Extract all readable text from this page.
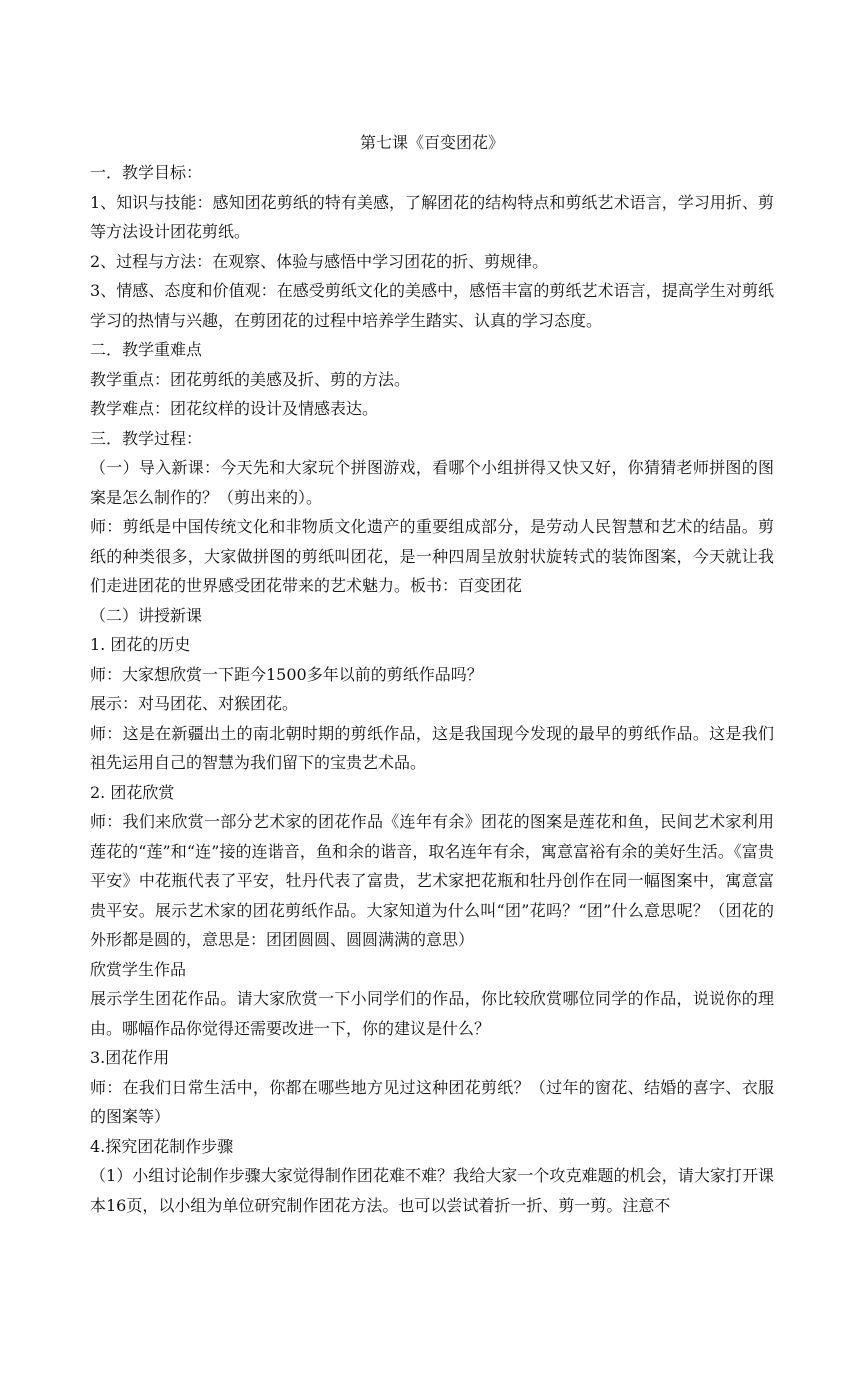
第七课《百变团花》

一．教学目标：

1、知识与技能：感知团花剪纸的特有美感，了解团花的结构特点和剪纸艺术语言，学习用折、剪等方法设计团花剪纸。

2、过程与方法：在观察、体验与感悟中学习团花的折、剪规律。

3、情感、态度和价值观：在感受剪纸文化的美感中，感悟丰富的剪纸艺术语言，提高学生对剪纸学习的热情与兴趣，在剪团花的过程中培养学生踏实、认真的学习态度。

二．教学重难点

教学重点：团花剪纸的美感及折、剪的方法。

教学难点：团花纹样的设计及情感表达。

三．教学过程：

（一）导入新课：今天先和大家玩个拼图游戏，看哪个小组拼得又快又好，你猜猜老师拼图的图案是怎么制作的？（剪出来的）。

师：剪纸是中国传统文化和非物质文化遗产的重要组成部分，是劳动人民智慧和艺术的结晶。剪纸的种类很多，大家做拼图的剪纸叫团花，是一种四周呈放射状旋转式的装饰图案，今天就让我们走进团花的世界感受团花带来的艺术魅力。板书：百变团花

（二）讲授新课

1. 团花的历史

师：大家想欣赏一下距今1500多年以前的剪纸作品吗？

展示：对马团花、对猴团花。

师：这是在新疆出土的南北朝时期的剪纸作品，这是我国现今发现的最早的剪纸作品。这是我们祖先运用自己的智慧为我们留下的宝贵艺术品。

2. 团花欣赏

师：我们来欣赏一部分艺术家的团花作品《连年有余》团花的图案是莲花和鱼，民间艺术家利用莲花的“莲”和“连”接的连谐音，鱼和余的谐音，取名连年有余，寓意富裕有余的美好生活。《富贵平安》中花瓶代表了平安，牡丹代表了富贵，艺术家把花瓶和牡丹创作在同一幅图案中，寓意富贵平安。展示艺术家的团花剪纸作品。大家知道为什么叫“团”花吗？“团”什么意思呢？（团花的外形都是圆的，意思是：团团圆圆、圆圆满满的意思）

欣赏学生作品

展示学生团花作品。请大家欣赏一下小同学们的作品，你比较欣赏哪位同学的作品，说说你的理由。哪幅作品你觉得还需要改进一下，你的建议是什么？

3.团花作用

师：在我们日常生活中，你都在哪些地方见过这种团花剪纸？（过年的窗花、结婚的喜字、衣服的图案等）

4.探究团花制作步骤

（1）小组讨论制作步骤大家觉得制作团花难不难？我给大家一个攻克难题的机会，请大家打开课本16页，以小组为单位研究制作团花方法。也可以尝试着折一折、剪一剪。注意不
